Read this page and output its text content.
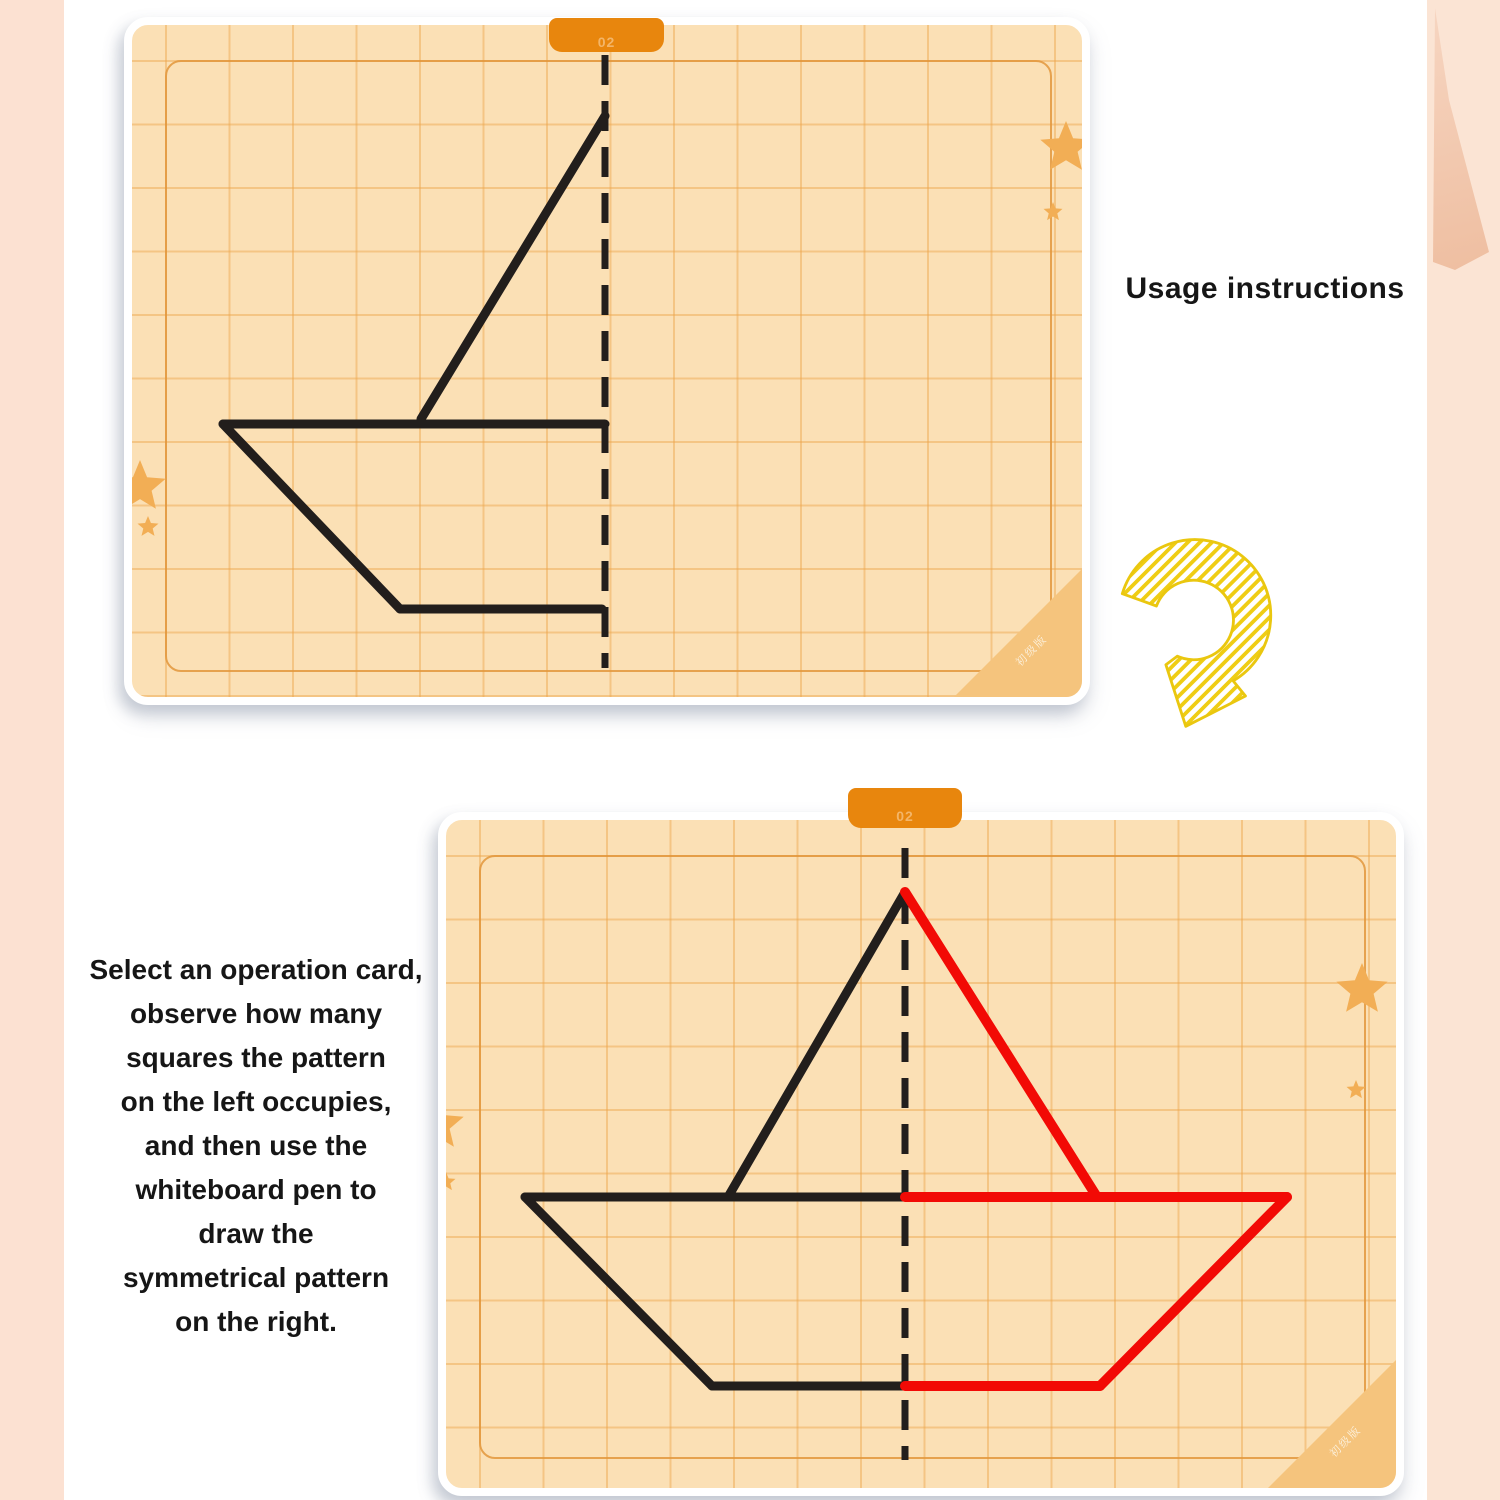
初级版
02
Usage instructions
Select an operation card,
observe how many
squares the pattern
on the left occupies,
and then use the
whiteboard pen to
draw the
symmetrical pattern
on the right.
初级版
02
